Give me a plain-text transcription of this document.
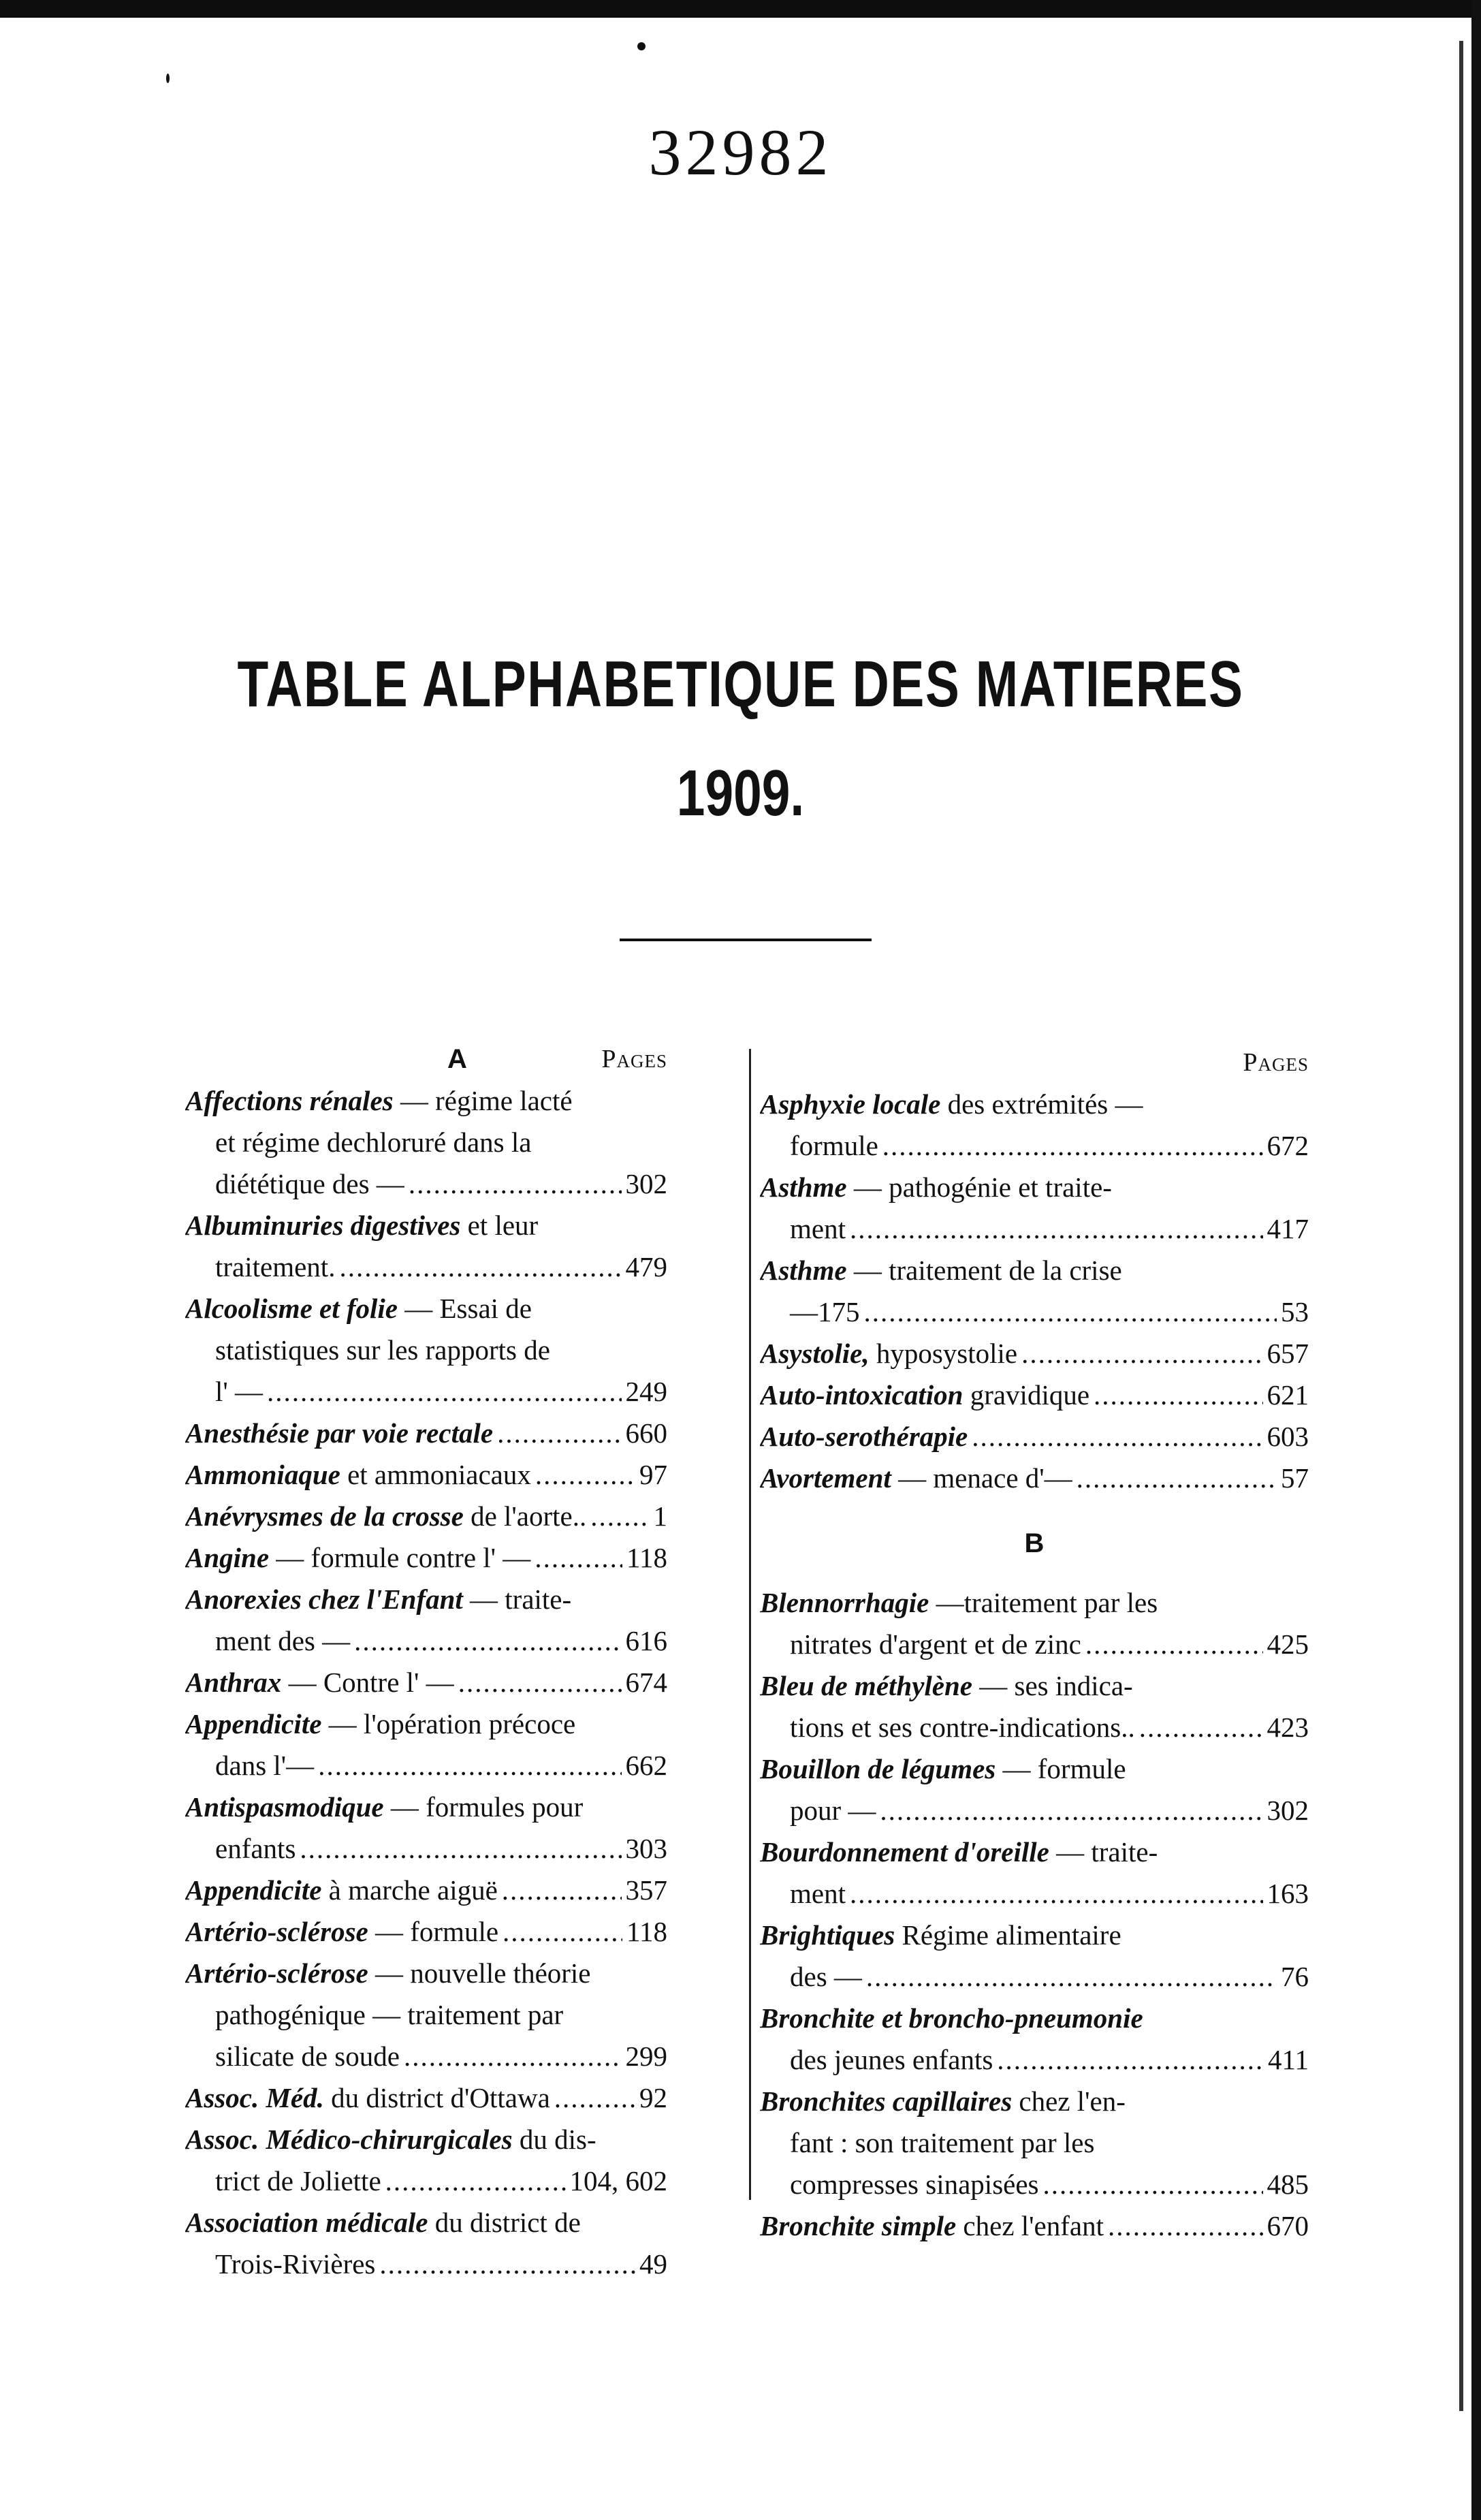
32982
TABLE ALPHABETIQUE DES MATIERES
1909.
A	Pages
Affections rénales — régime lacté
et régime dechloruré dans la
diététique des — .....	302
Albuminuries digestives et leur
traitement. .....	479
Alcoolisme et folie — Essai de
statistiques sur les rapports de
l' — .....	249
Anesthésie par voie rectale .....	660
Ammoniaque et ammoniacaux .....	97
Anévrysmes de la crosse de l'aorte.. ..... 1
Angine — formule contre l' — .....	118
Anorexies chez l'Enfant — traite-
ment des — .....	616
Anthrax — Contre l' — .....	674
Appendicite — l'opération précoce
dans l'— .....	662
Antispasmodique — formules pour
enfants .....	303
Appendicite à marche aiguë .....	357
Artério-sclérose — formule .....	118
Artério-sclérose — nouvelle théorie
pathogénique — traitement par
silicate de soude .....	299
Assoc. Méd. du district d'Ottawa .....	92
Assoc. Médico-chirurgicales du dis-
trict de Joliette .....	104, 602
Association médicale du district de
Trois-Rivières .....	49
Pages
Asphyxie locale des extrémités —
formule .....	672
Asthme — pathogénie et traite-
ment .....	417
Asthme — traitement de la crise
—175 .....	53
Asystolie, hyposystolie .....	657
Auto-intoxication gravidique .....	621
Auto-serothérapie .....	603
Avortement — menace d'— .....	57
B
Blennorrhagie —traitement par les
nitrates d'argent et de zinc .....	425
Bleu de méthylène — ses indica-
tions et ses contre-indications.. .....	423
Bouillon de légumes — formule
pour — .....	302
Bourdonnement d'oreille — traite-
ment .....	163
Brightiques Régime alimentaire
des — .....	76
Bronchite et broncho-pneumonie
des jeunes enfants .....	411
Bronchites capillaires chez l'en-
fant : son traitement par les
compresses sinapisées .....	485
Bronchite simple chez l'enfant .....	670
